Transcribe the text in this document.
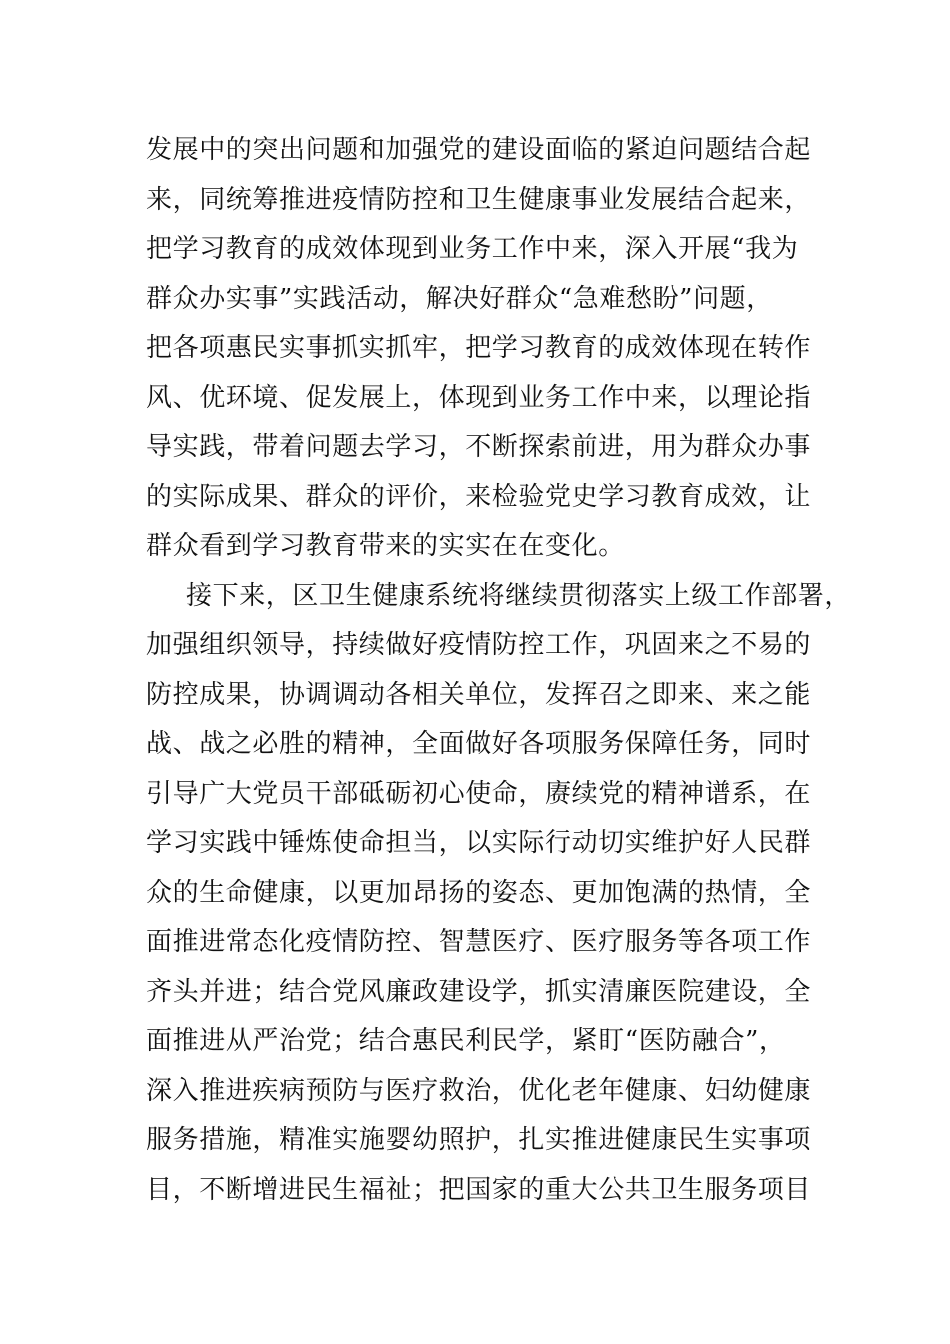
发展中的突出问题和加强党的建设面临的紧迫问题结合起
来，同统筹推进疫情防控和卫生健康事业发展结合起来，
把学习教育的成效体现到业务工作中来，深入开展“我为
群众办实事”实践活动，解决好群众“急难愁盼”问题，
把各项惠民实事抓实抓牢，把学习教育的成效体现在转作
风、优环境、促发展上，体现到业务工作中来，以理论指
导实践，带着问题去学习，不断探索前进，用为群众办事
的实际成果、群众的评价，来检验党史学习教育成效，让
群众看到学习教育带来的实实在在变化。
接下来，区卫生健康系统将继续贯彻落实上级工作部署，
加强组织领导，持续做好疫情防控工作，巩固来之不易的
防控成果，协调调动各相关单位，发挥召之即来、来之能
战、战之必胜的精神，全面做好各项服务保障任务，同时
引导广大党员干部砥砺初心使命，赓续党的精神谱系，在
学习实践中锤炼使命担当，以实际行动切实维护好人民群
众的生命健康，以更加昂扬的姿态、更加饱满的热情，全
面推进常态化疫情防控、智慧医疗、医疗服务等各项工作
齐头并进；结合党风廉政建设学，抓实清廉医院建设，全
面推进从严治党；结合惠民利民学，紧盯“医防融合”，
深入推进疾病预防与医疗救治，优化老年健康、妇幼健康
服务措施，精准实施婴幼照护，扎实推进健康民生实事项
目，不断增进民生福祉；把国家的重大公共卫生服务项目
